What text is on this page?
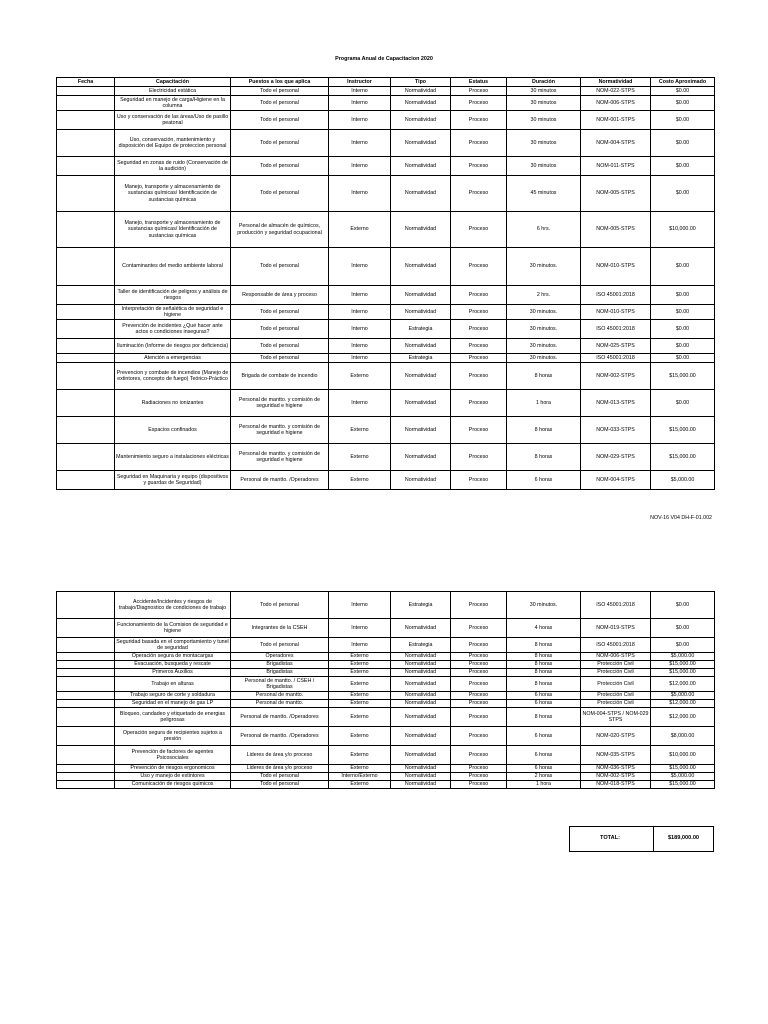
Programa Anual de Capacitacion 2020
Fecha	Capacitación	Puestos a los que aplica	Instructor	Tipo	Estatus	Duración	Normatividad	Costo Aproximado
	Electricidad estática	Todo el personal	Interno	Normatividad	Proceso	30 minutos	NOM-022-STPS	$0.00
	Seguridad en manejo de carga/Higiene en la columna	Todo el personal	Interno	Normatividad	Proceso	30 minutos	NOM-006-STPS	$0.00
	Uso y conservación de las áreas/Uso de pasillo peatonal	Todo el personal	Interno	Normatividad	Proceso	30 minutos	NOM-001-STPS	$0.00
	Uso, conservación, mantenimiento y disposición del Equipo de proteccion personal	Todo el personal	Interno	Normatividad	Proceso	30 minutos	NOM-004-STPS	$0.00
	Seguridad en zonas de ruido (Conservación de la audición)	Todo el personal	Interno	Normatividad	Proceso	30 minutos	NOM-011-STPS	$0.00
	Manejo, transporte y almacenamiento de sustancias químicas/ Identificación de sustancias químicas	Todo el personal	Interno	Normatividad	Proceso	45 minutos	NOM-005-STPS	$0.00
	Manejo, transporte y almacenamiento de sustancias químicas/ Identificación de sustancias químicas	Personal de almacén de químicos, producción y seguridad ocupacional	Externo	Normatividad	Proceso	6 hrs.	NOM-005-STPS	$10,000.00
	Contaminantes del medio ambiente laboral	Todo el personal	Interno	Normatividad	Proceso	30 minutos.	NOM-010-STPS	$0.00
	Taller de identificación de peligros y análisis de riesgos	Responsable de área y proceso	Interno	Normatividad	Proceso	2 hrs.	ISO 45001:2018	$0.00
	Interpretación de señalética de seguridad e higiene	Todo el personal	Interno	Normatividad	Proceso	30 minutos.	NOM-010-STPS	$0.00
	Prevención de incidentes ¿Qué hacer ante actos o condiciones inseguras?	Todo el personal	Interno	Estrategia	Proceso	30 minutos.	ISO 45001:2018	$0.00
	Iluminación (Informe de riesgos por deficiencia)	Todo el personal	Interno	Normatividad	Proceso	30 minutos.	NOM-025-STPS	$0.00
	Atención a emergencias	Todo el personal	Interno	Estrategia	Proceso	30 minutos.	ISO 45001:2018	$0.00
	Prevencion y combate de incendios (Manejo de extintores, concepto de fuego) Teórico-Práctico	Brigada de combate de incendio	Externo	Normatividad	Proceso	8 horas	NOM-002-STPS	$15,000.00
	Radiaciones no ionizantes	Personal de mantto. y comisión de seguridad e higiene	Interno	Normatividad	Proceso	1 hora	NOM-013-STPS	$0.00
	Espacios confinados	Personal de mantto. y comisión de seguridad e higiene	Externo	Normatividad	Proceso	8 horas	NOM-033-STPS	$15,000.00
	Mantenimiento seguro a instalaciones eléctricas	Personal de mantto. y comisión de seguridad e higiene	Externo	Normatividad	Proceso	8 horas	NOM-029-STPS	$15,000.00
	Seguridad en Maquinaria y equipo (dispositivos y guardas de Seguridad)	Personal de mantto. /Operadores	Externo	Normatividad	Proceso	6 horas	NOM-004-STPS	$5,000.00
NOV-16 V04 DH-F-01.002
	Accidente/Incidentes y riesgos de trabajo/Diagnostico de condiciones de trabajo	Todo el personal	Interno	Estrategia	Proceso	30 minutos.	ISO 45001:2018	$0.00
	Funcionamiento de la Comision de seguridad e higiene	Integrantes de la CSEH	Interno	Normatividad	Proceso	4 horas	NOM-019-STPS	$0.00
	Seguridad basada en el comportamiento y tunel de seguridad	Todo el personal	Interno	Estrategia	Proceso	8 horas	ISO 45001:2018	$0.00
	Operación segura de montacargas	Operadores	Externo	Normatividad	Proceso	8 horas	NOM-006-STPS	$5,000.00
	Evacuación, busqueda y rescate	Brigadistas	Externo	Normatividad	Proceso	8 horas	Protección Civil	$15,000.00
	Primeros Auxilios	Brigadistas	Externo	Normatividad	Proceso	8 horas	Protección Civil	$15,000.00
	Trabajo en alturas	Personal de mantto. / CSEH / Brigadistas	Externo	Normatividad	Proceso	8 horas	Protección Civil	$12,000.00
	Trabajo seguro de corte y soldadura	Personal de mantto.	Externo	Normatividad	Proceso	6 horas	Protección Civil	$5,000.00
	Seguridad en el manejo de gas LP	Personal de mantto.	Externo	Normatividad	Proceso	6 horas	Protección Civil	$12,000.00
	Bloqueo, candadeo y etiquetado de energias peligrosas	Personal de mantto. /Operadores	Externo	Normatividad	Proceso	8 horas	NOM-004-STPS / NOM-029 STPS	$12,000.00
	Operación segura de recipientes sujetos a presión	Personal de mantto. /Operadores	Externo	Normatividad	Proceso	6 horas	NOM-020-STPS	$8,000.00
	Prevención de factores de agentes Psicosociales	Lideres de área y/o proceso	Externo	Normatividad	Proceso	6 horas	NOM-035-STPS	$10,000.00
	Prevención de riesgos ergonomicos	Lideres de área y/o proceso	Externo	Normatividad	Proceso	6 horas	NOM-036-STPS	$15,000.00
	Uso y manejo de extintores	Todo el personal	Interno/Externo	Normatividad	Proceso	2 horas	NOM-002-STPS	$5,000.00
	Comunicación de riesgos quimicos	Todo el personal	Externo	Normatividad	Proceso	1 hora	NOM-018-STPS	$15,000.00
TOTAL:	$189,000.00
